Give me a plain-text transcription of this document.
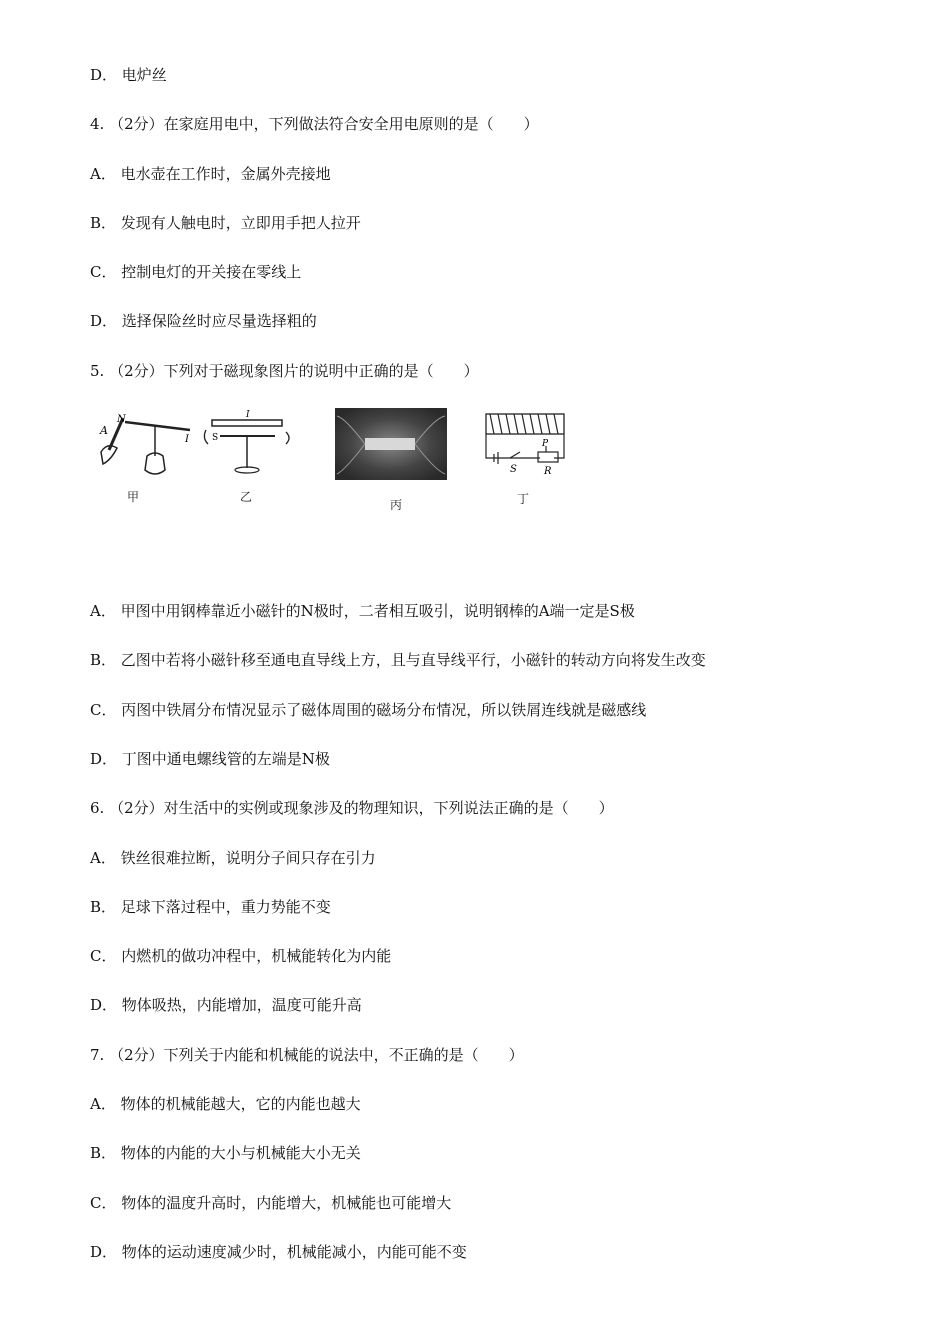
D． 电炉丝
4. （2分）在家庭用电中，下列做法符合安全用电原则的是（　　）
A． 电水壶在工作时，金属外壳接地
B． 发现有人触电时，立即用手把人拉开
C． 控制电灯的开关接在零线上
D． 选择保险丝时应尽量选择粗的
5. （2分）下列对于磁现象图片的说明中正确的是（　　）
N
A
I
甲
I
S
乙
丙
P
S	R
丁
A． 甲图中用钢棒靠近小磁针的N极时，二者相互吸引，说明钢棒的A端一定是S极
B． 乙图中若将小磁针移至通电直导线上方，且与直导线平行，小磁针的转动方向将发生改变
C． 丙图中铁屑分布情况显示了磁体周围的磁场分布情况，所以铁屑连线就是磁感线
D． 丁图中通电螺线管的左端是N极
6. （2分）对生活中的实例或现象涉及的物理知识，下列说法正确的是（　　）
A． 铁丝很难拉断，说明分子间只存在引力
B． 足球下落过程中，重力势能不变
C． 内燃机的做功冲程中，机械能转化为内能
D． 物体吸热，内能增加，温度可能升高
7. （2分）下列关于内能和机械能的说法中，不正确的是（　　）
A． 物体的机械能越大，它的内能也越大
B． 物体的内能的大小与机械能大小无关
C． 物体的温度升高时，内能增大，机械能也可能增大
D． 物体的运动速度减少时，机械能减小，内能可能不变
